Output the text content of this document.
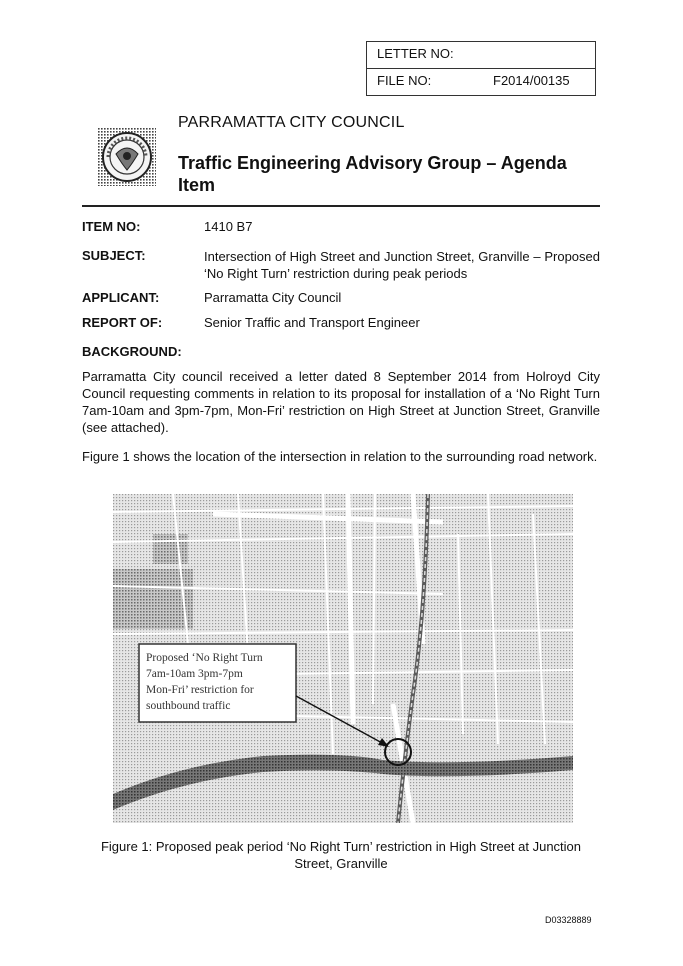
LETTER NO:
FILE NO:	F2014/00135
PARRAMATTA CITY COUNCIL
Traffic Engineering Advisory Group – Agenda Item
ITEM NO:	1410 B7
SUBJECT:	Intersection of High Street and Junction Street, Granville – Proposed ‘No Right Turn’ restriction during peak periods
APPLICANT:	Parramatta City Council
REPORT OF:	Senior Traffic and Transport Engineer
BACKGROUND:
Parramatta City council received a letter dated 8 September 2014 from Holroyd City Council requesting comments in relation to its proposal for installation of a ‘No Right Turn 7am-10am and 3pm-7pm, Mon-Fri’ restriction on High Street at Junction Street, Granville (see attached).
Figure 1 shows the location of the intersection in relation to the surrounding road network.
Proposed ‘No Right Turn
7am-10am 3pm-7pm
Mon-Fri’ restriction for
southbound traffic
Figure 1: Proposed peak period ‘No Right Turn’ restriction in High Street at Junction Street, Granville
D03328889
